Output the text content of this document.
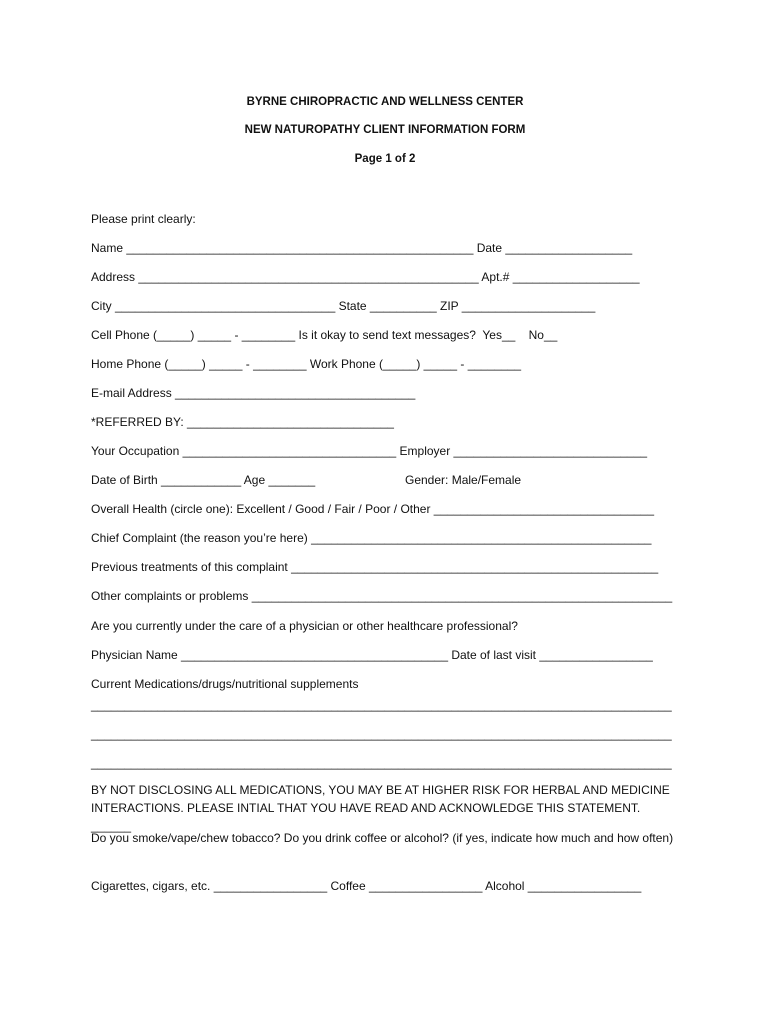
BYRNE CHIROPRACTIC AND WELLNESS CENTER
NEW NATUROPATHY CLIENT INFORMATION FORM
Page 1 of 2
Please print clearly:
Name ____________________________________________________ Date ___________________
Address ___________________________________________________ Apt.# ___________________
City _________________________________ State __________ ZIP ____________________
Cell Phone (_____) _____ - ________ Is it okay to send text messages?  Yes__    No__
Home Phone (_____) _____ - ________ Work Phone (_____) _____ - ________
E-mail Address ____________________________________
*REFERRED BY: _______________________________
Your Occupation ________________________________ Employer _____________________________
Date of Birth ____________ Age _______	Gender: Male/Female
Overall Health (circle one): Excellent / Good / Fair / Poor / Other _________________________________
Chief Complaint (the reason you’re here) ___________________________________________________
Previous treatments of this complaint _______________________________________________________
Other complaints or problems _______________________________________________________________
Are you currently under the care of a physician or other healthcare professional?
Physician Name ________________________________________ Date of last visit _________________
Current Medications/drugs/nutritional supplements
_______________________________________________________________________________________
_______________________________________________________________________________________
_______________________________________________________________________________________
BY NOT DISCLOSING ALL MEDICATIONS, YOU MAY BE AT HIGHER RISK FOR HERBAL AND MEDICINE INTERACTIONS. PLEASE INTIAL THAT YOU HAVE READ AND ACKNOWLEDGE THIS STATEMENT. ______
Do you smoke/vape/chew tobacco? Do you drink coffee or alcohol? (if yes, indicate how much and how often)
Cigarettes, cigars, etc. _________________ Coffee _________________ Alcohol _________________
